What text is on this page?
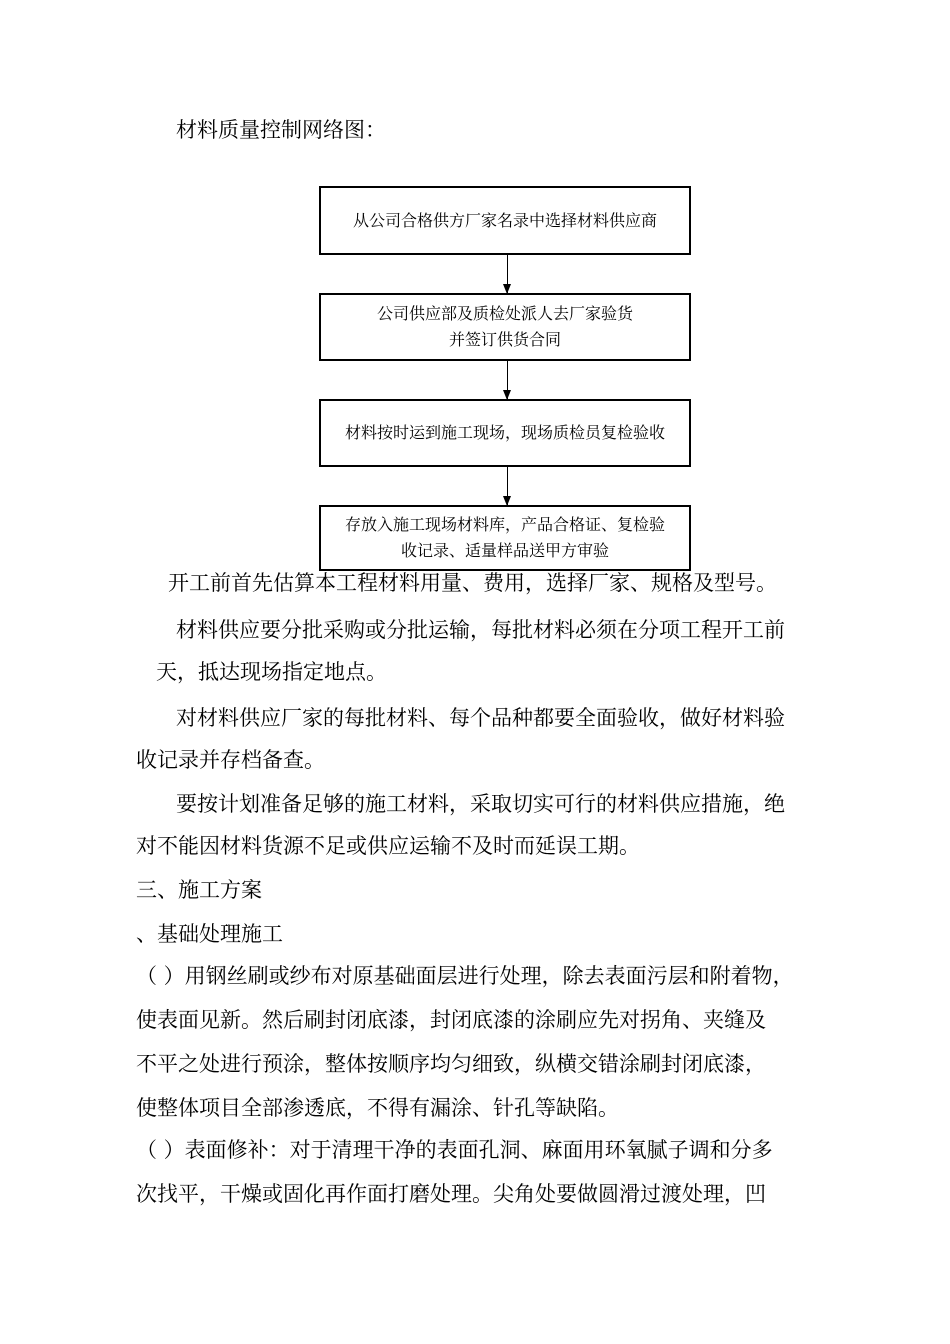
材料质量控制网络图：
从公司合格供方厂家名录中选择材料供应商
公司供应部及质检处派人去厂家验货
并签订供货合同
材料按时运到施工现场，现场质检员复检验收
开工前首先估算本工程材料用量、费用，选择厂家、规格及型号。
存放入施工现场材料库，产品合格证、复检验
收记录、适量样品送甲方审验
材料供应要分批采购或分批运输，每批材料必须在分项工程开工前
天，抵达现场指定地点。
对材料供应厂家的每批材料、每个品种都要全面验收，做好材料验
收记录并存档备查。
要按计划准备足够的施工材料，采取切实可行的材料供应措施，绝
对不能因材料货源不足或供应运输不及时而延误工期。
三、施工方案
、基础处理施工
（ ）用钢丝刷或纱布对原基础面层进行处理，除去表面污层和附着物，
使表面见新。然后刷封闭底漆，封闭底漆的涂刷应先对拐角、夹缝及
不平之处进行预涂，整体按顺序均匀细致，纵横交错涂刷封闭底漆，
使整体项目全部渗透底，不得有漏涂、针孔等缺陷。
（ ）表面修补：对于清理干净的表面孔洞、麻面用环氧腻子调和分多
次找平，干燥或固化再作面打磨处理。尖角处要做圆滑过渡处理，凹
